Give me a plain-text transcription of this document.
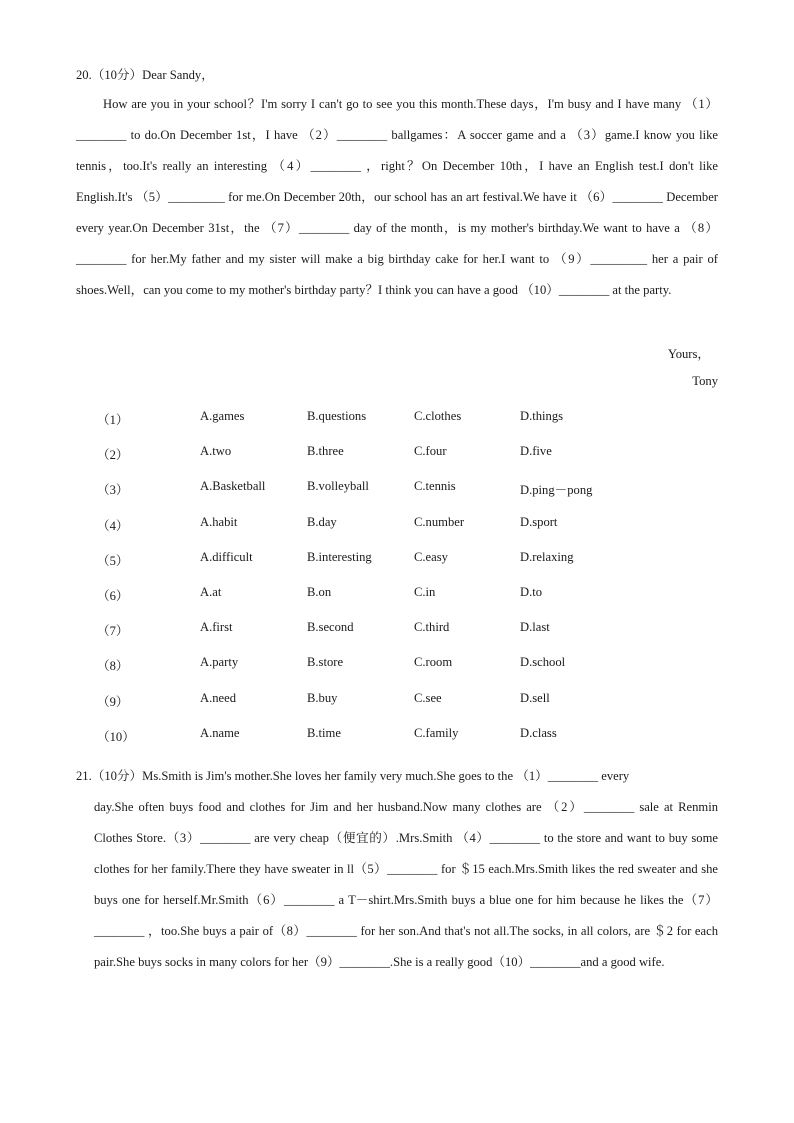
20.（10分）Dear Sandy，
How are you in your school？I'm sorry I can't go to see you this month.These days，I'm busy and I have many （1）________ to do.On December 1st，I have （2）________ ballgames：A soccer game and a （3）game.I know you like tennis，too.It's really an interesting （4）________ ，right？On December 10th，I have an English test.I don't like English.It's （5）_________ for me.On December 20th，our school has an art festival.We have it （6）________ December every year.On December 31st，the （7）________ day of the month，is my mother's birthday.We want to have a （8）________ for her.My father and my sister will make a big birthday cake for her.I want to （9）_________ her a pair of shoes.Well，can you come to my mother's birthday party？I think you can have a good （10）________ at the party.
Yours，
Tony
（1）	A.games	B.questions	C.clothes	D.things
（2）	A.two	B.three	C.four	D.five
（3）	A.Basketball	B.volleyball	C.tennis	D.ping－pong
（4）	A.habit	B.day	C.number	D.sport
（5）	A.difficult	B.interesting	C.easy	D.relaxing
（6）	A.at	B.on	C.in	D.to
（7）	A.first	B.second	C.third	D.last
（8）	A.party	B.store	C.room	D.school
（9）	A.need	B.buy	C.see	D.sell
（10）	A.name	B.time	C.family	D.class
21.（10分）Ms.Smith is Jim's mother.She loves her family very much.She goes to the （1）________ every
day.She often buys food and clothes for Jim and her husband.Now many clothes are （2）________ sale at Renmin Clothes Store.（3）________ are very cheap（便宜的）.Mrs.Smith （4）________ to the store and want to buy some clothes for her family.There they have sweater in ll（5）________ for ＄15 each.Mrs.Smith likes the red sweater and she buys one for herself.Mr.Smith（6）________ a T－shirt.Mrs.Smith buys a blue one for him because he likes the（7）________ ，too.She buys a pair of（8）________ for her son.And that's not all.The socks, in all colors, are ＄2 for each pair.She buys socks in many colors for her（9）________.She is a really good（10）________and a good wife.
